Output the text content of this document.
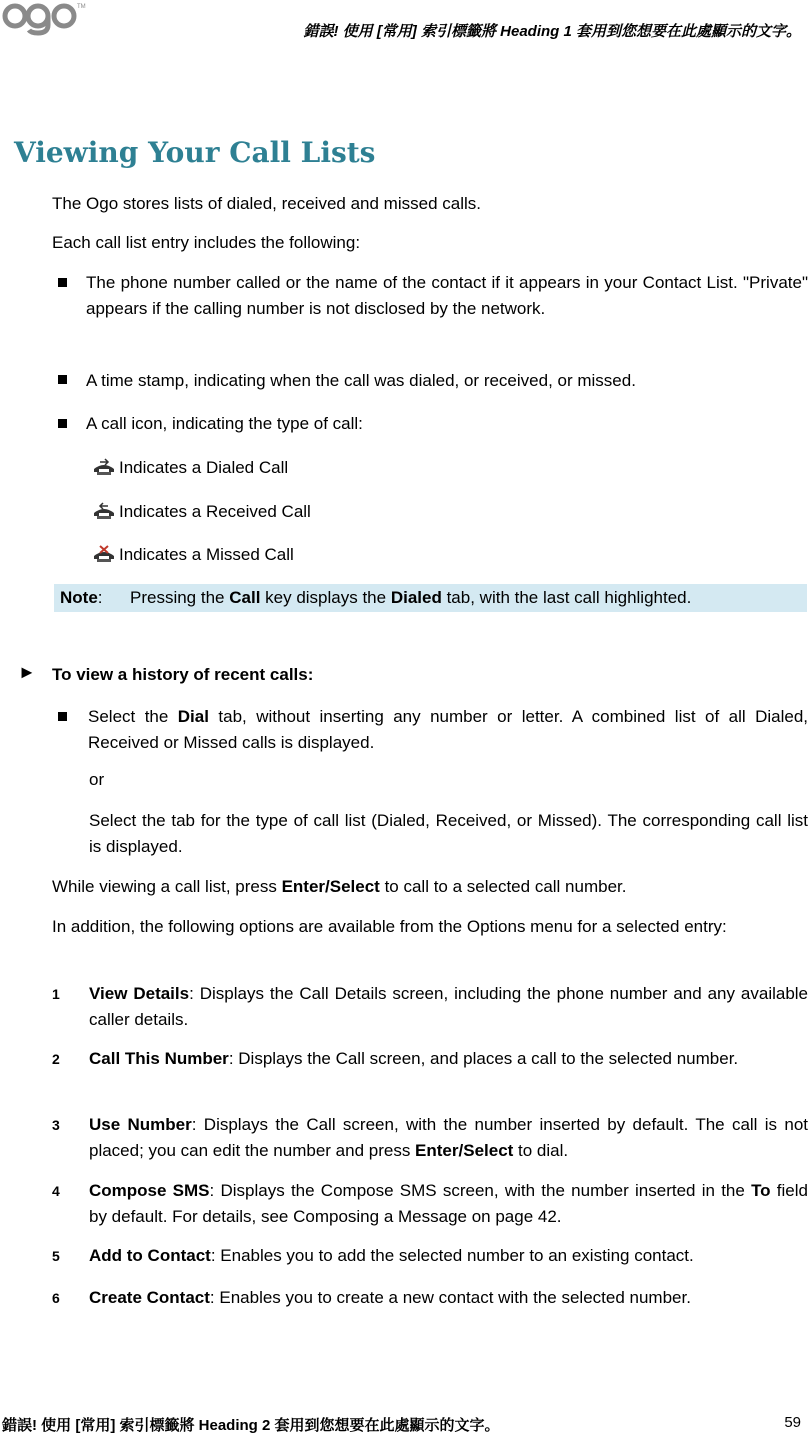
TM
錯誤! 使用 [常用] 索引標籤將 Heading 1 套用到您想要在此處顯示的文字。
Viewing Your Call Lists

The Ogo stores lists of dialed, received and missed calls.

Each call list entry includes the following:

The phone number called or the name of the contact if it appears in your Contact List. "Private" appears if the calling number is not disclosed by the network.

A time stamp, indicating when the call was dialed, or received, or missed.

A call icon, indicating the type of call:

Indicates a Dialed Call
Indicates a Received Call
Indicates a Missed Call
Note: Pressing the Call key displays the Dialed tab, with the last call highlighted.
► To view a history of recent calls:

Select the Dial tab, without inserting any number or letter. A combined list of all Dialed, Received or Missed calls is displayed.

or

Select the tab for the type of call list (Dialed, Received, or Missed). The corresponding call list is displayed.

While viewing a call list, press Enter/Select to call to a selected call number.

In addition, the following options are available from the Options menu for a selected entry:

1 View Details: Displays the Call Details screen, including the phone number and any available caller details.

2 Call This Number: Displays the Call screen, and places a call to the selected number.

3 Use Number: Displays the Call screen, with the number inserted by default. The call is not placed; you can edit the number and press Enter/Select to dial.

4 Compose SMS: Displays the Compose SMS screen, with the number inserted in the To field by default. For details, see Composing a Message on page 42.

5 Add to Contact: Enables you to add the selected number to an existing contact.

6 Create Contact: Enables you to create a new contact with the selected number.

錯誤! 使用 [常用] 索引標籤將 Heading 2 套用到您想要在此處顯示的文字。	59
